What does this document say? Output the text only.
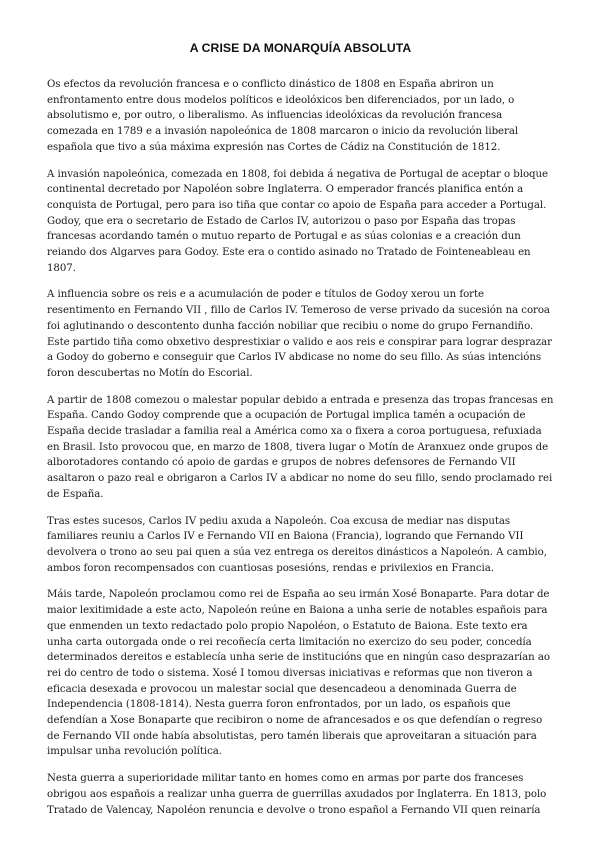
A CRISE DA MONARQUÍA ABSOLUTA

Os efectos da revolución francesa e o conflicto dinástico de 1808 en España abriron un enfrontamento entre dous modelos políticos e ideolóxicos ben diferenciados, por un lado, o absolutismo e, por outro, o liberalismo. As influencias ideolóxicas da revolución francesa comezada en 1789 e a invasión napoleónica de 1808 marcaron o inicio da revolución liberal española que tivo a súa máxima expresión nas Cortes de Cádiz na Constitución de 1812.

A invasión napoleónica, comezada en 1808, foi debida á negativa de Portugal de aceptar o bloque continental decretado por Napoléon sobre Inglaterra. O emperador francés planifica entón a conquista de Portugal, pero para iso tiña que contar co apoio de España para acceder a Portugal. Godoy, que era o secretario de Estado de Carlos IV, autorizou o paso por España das tropas francesas acordando tamén o mutuo reparto de Portugal e as súas colonias e a creación dun reiando dos Algarves para Godoy. Este era o contido asinado no Tratado de Fointeneableau en 1807.

A influencia sobre os reis e a acumulación de poder e títulos de Godoy xerou un forte resentimento en Fernando VII , fillo de Carlos IV. Temeroso de verse privado da sucesión na coroa foi aglutinando o descontento dunha facción nobiliar que recibiu o nome do grupo Fernandiño. Este partido tiña como obxetivo desprestixiar o valido e aos reis e conspirar para lograr desprazar a Godoy do goberno e conseguir que Carlos IV abdicase no nome do seu fillo. As súas intencións foron descubertas no Motín do Escorial.

A partir de 1808 comezou o malestar popular debido a entrada e presenza das tropas francesas en España. Cando Godoy comprende que a ocupación de Portugal implica tamén a ocupación de España decide trasladar a familia real a América como xa o fixera a coroa portuguesa, refuxiada en Brasil. Isto provocou que, en marzo de 1808, tivera lugar o Motín de Aranxuez onde grupos de alborotadores contando có apoio de gardas e grupos de nobres defensores de Fernando VII asaltaron o pazo real e obrigaron a Carlos IV a abdicar no nome do seu fillo, sendo proclamado rei de España.

Tras estes sucesos, Carlos IV pediu axuda a Napoleón. Coa excusa de mediar nas disputas familiares reuniu a Carlos IV e Fernando VII en Baiona (Francia), logrando que Fernando VII devolvera o trono ao seu pai quen a súa vez entrega os dereitos dinásticos a Napoleón. A cambio, ambos foron recompensados con cuantiosas posesións, rendas e privilexios en Francia.

Máis tarde, Napoleón proclamou como rei de España ao seu irmán Xosé Bonaparte. Para dotar de maior lexitimidade a este acto, Napoleón reúne en Baiona a unha serie de notables españois para que enmenden un texto redactado polo propio Napoléon, o Estatuto de Baiona. Este texto era unha carta outorgada onde o rei recoñecía certa limitación no exercizo do seu poder, concedía determinados dereitos e establecía unha serie de institucións que en ningún caso desprazarían ao rei do centro de todo o sistema. Xosé I tomou diversas iniciativas e reformas que non tiveron a eficacia desexada e provocou un malestar social que desencadeou a denominada Guerra de Independencia (1808-1814). Nesta guerra foron enfrontados, por un lado, os españois que defendían a Xose Bonaparte que recibiron o nome de afrancesados e os que defendían o regreso de Fernando VII onde había absolutistas, pero tamén liberais que aproveitaran a situación para impulsar unha revolución política.

Nesta guerra a superioridade militar tanto en homes como en armas por parte dos franceses obrigou aos españois a realizar unha guerra de guerrillas axudados por Inglaterra. En 1813, polo Tratado de Valencay, Napoléon renuncia e devolve o trono español a Fernando VII quen reinaría
